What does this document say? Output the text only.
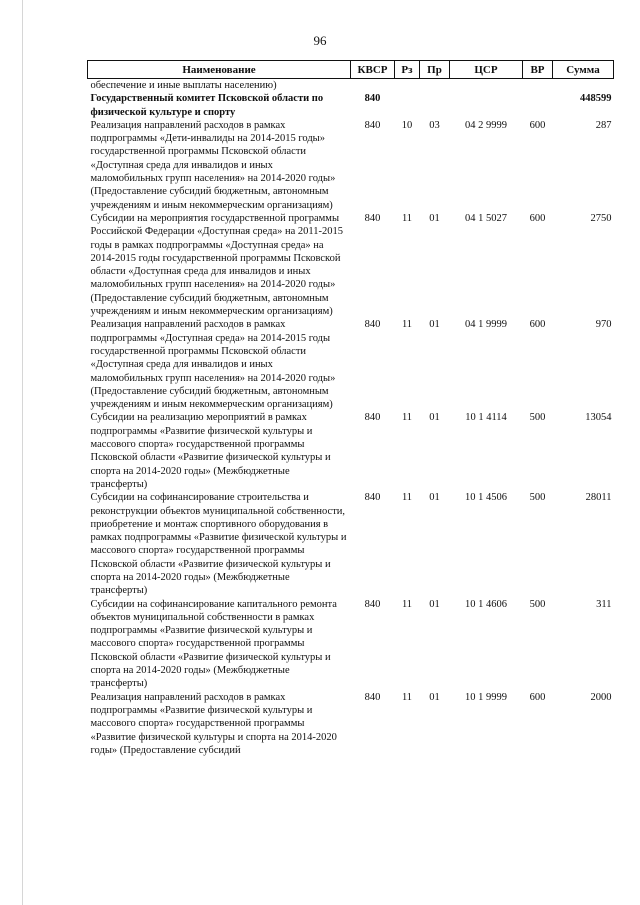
96
Наименование	КВСР	Рз	Пр	ЦСР	ВР	Сумма
обеспечение и иные выплаты населению)						
Государственный комитет Псковской области по физической культуре и спорту	840					448599
Реализация направлений расходов в рамках подпрограммы «Дети-инвалиды на 2014-2015 годы» государственной программы Псковской области «Доступная среда для инвалидов и иных маломобильных групп населения» на 2014-2020 годы» (Предоставление субсидий бюджетным, автономным учреждениям и иным некоммерческим организациям)	840	10	03	04 2 9999	600	287
Субсидии на мероприятия государственной программы Российской Федерации «Доступная среда» на 2011-2015 годы в рамках подпрограммы «Доступная среда» на 2014-2015 годы государственной программы Псковской области «Доступная среда для инвалидов и иных маломобильных групп населения» на 2014-2020 годы» (Предоставление субсидий бюджетным, автономным учреждениям и иным некоммерческим организациям)	840	11	01	04 1 5027	600	2750
Реализация направлений расходов в рамках подпрограммы «Доступная среда» на 2014-2015 годы государственной программы Псковской области «Доступная среда для инвалидов и иных маломобильных групп населения» на 2014-2020 годы» (Предоставление субсидий бюджетным, автономным учреждениям и иным некоммерческим организациям)	840	11	01	04 1 9999	600	970
Субсидии на реализацию мероприятий в рамках подпрограммы «Развитие физической культуры и массового спорта» государственной программы Псковской области «Развитие физической культуры и спорта на 2014-2020 годы» (Межбюджетные трансферты)	840	11	01	10 1 4114	500	13054
Субсидии на софинансирование строительства и реконструкции объектов муниципальной собственности, приобретение и монтаж спортивного оборудования в рамках подпрограммы «Развитие физической культуры и массового спорта» государственной программы Псковской области «Развитие физической культуры и спорта на 2014-2020 годы» (Межбюджетные трансферты)	840	11	01	10 1 4506	500	28011
Субсидии на софинансирование капитального ремонта объектов муниципальной собственности в рамках подпрограммы «Развитие физической культуры и массового спорта» государственной программы Псковской области «Развитие физической культуры и спорта на 2014-2020 годы» (Межбюджетные трансферты)	840	11	01	10 1 4606	500	311
Реализация направлений расходов в рамках подпрограммы «Развитие физической культуры и массового спорта» государственной программы «Развитие физической культуры и спорта на 2014-2020 годы» (Предоставление субсидий	840	11	01	10 1 9999	600	2000
